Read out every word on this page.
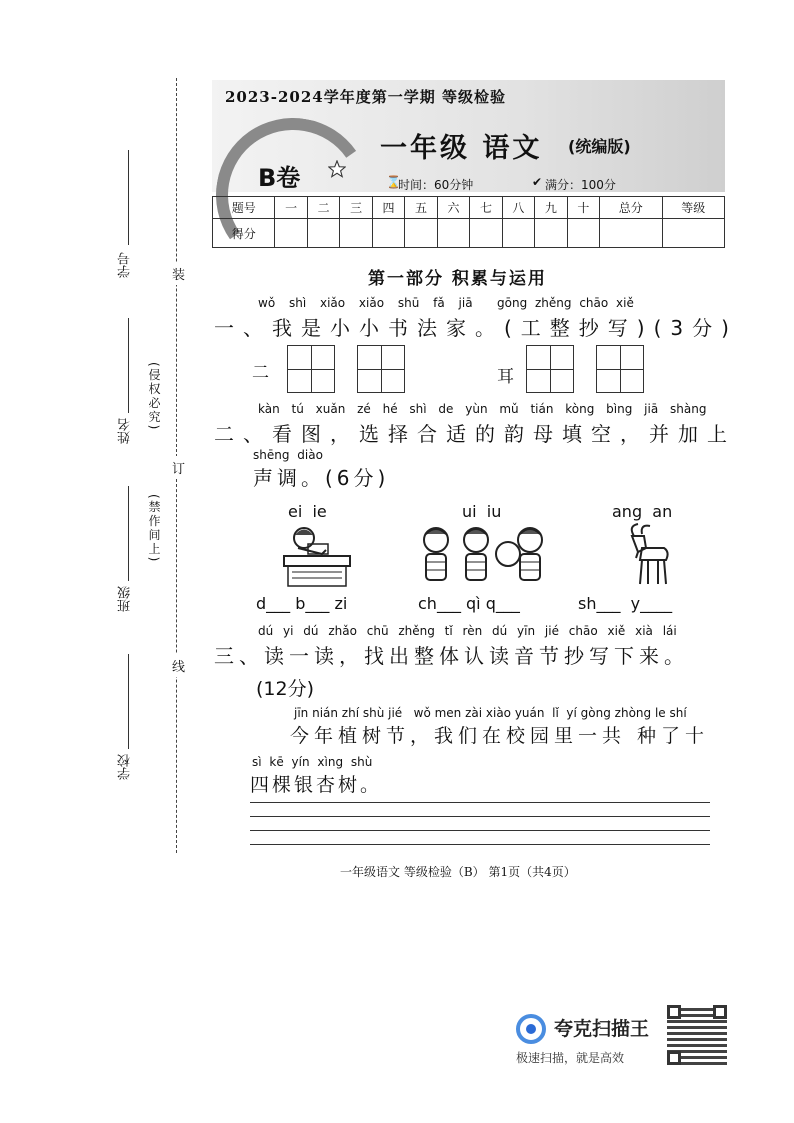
学号
姓名
班级
学校
(侵权必究)
(禁作间上)
装
订
线
2023-2024学年度第一学期 等级检验
一年级 语文 (统编版)
B卷	⌛
时间：60分钟	✔ 满分：100分
题号	一	二	三	四	五	六	七	八	九	十	总分	等级
得分												
第一部分 积累与运用
wǒ shì xiǎo xiǎo shū fǎ jiā gōng zhěng chāo xiě
一、我是小小书法家。(工整抄写)(3分)
二	耳
kàn tú xuǎn zé hé shì de yùn mǔ tián kòng bìng jiā shàng
二、看图，选择合适的韵母填空，并加上
shēng diào
声调。(6分)
ei  ie	ui  iu	ang  an
d___ b___ zi	ch___ qì q___	sh___  y____
dú yi dú zhǎo chū zhěng tǐ rèn dú yīn jié chāo xiě xià lái
三、读一读，找出整体认读音节抄写下来。
(12分)
jīn nián zhí shù jié   wǒ men zài xiào yuán  lǐ  yí gòng zhòng le shí
今年植树节，我们在校园里一共 种了十
sì kē yín xìng shù
四棵银杏树。
一年级语文 等级检验（B） 第1页（共4页）
夸克扫描王
极速扫描，就是高效
